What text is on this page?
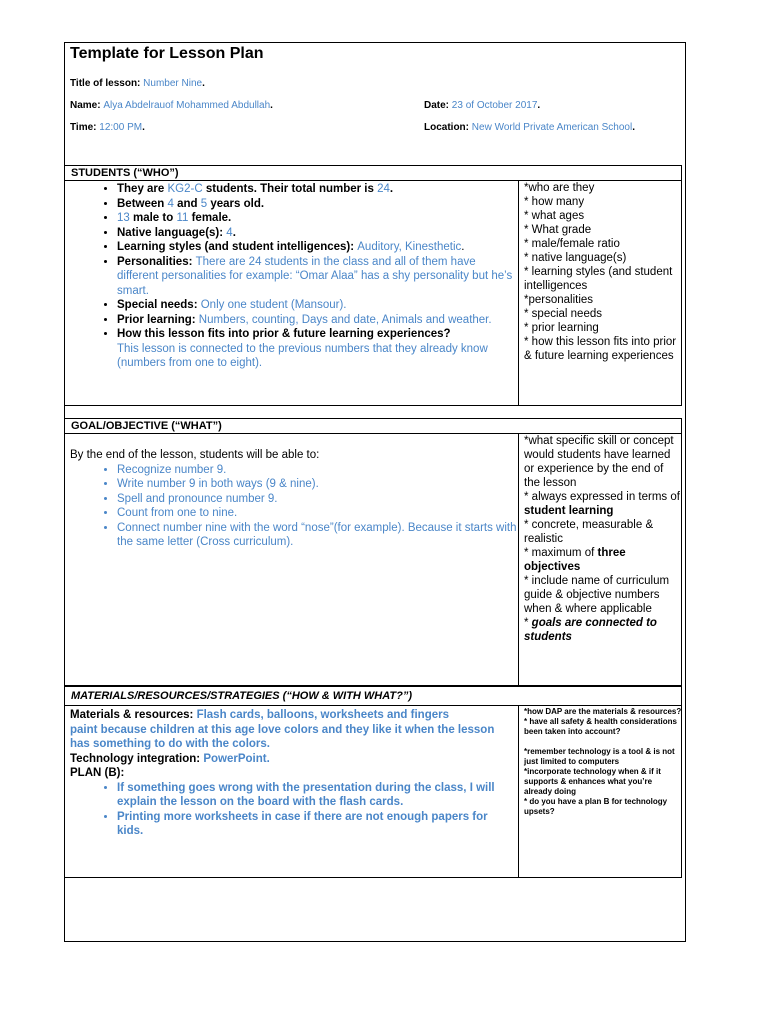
Template for Lesson Plan
Title of lesson: Number Nine.
Name: Alya Abdelrauof Mohammed Abdullah.	Date: 23 of October 2017.
Time: 12:00 PM.	Location: New World Private American School.
STUDENTS (“WHO”)
• They are KG2-C students. Their total number is 24.
• Between 4 and 5 years old.
• 13 male to 11 female.
• Native language(s): 4.
• Learning styles (and student intelligences): Auditory, Kinesthetic.
• Personalities: There are 24 students in the class and all of them have different personalities for example: “Omar Alaa” has a shy personality but he’s smart.
• Special needs: Only one student (Mansour).
• Prior learning: Numbers, counting, Days and date, Animals and weather.
• How this lesson fits into prior & future learning experiences?
This lesson is connected to the previous numbers that they already know (numbers from one to eight).
*who are they
* how many
* what ages
* What grade
* male/female ratio
* native language(s)
* learning styles (and student intelligences
*personalities
* special needs
* prior learning
* how this lesson fits into prior & future learning experiences
GOAL/OBJECTIVE (“WHAT”)
By the end of the lesson, students will be able to:
• Recognize number 9.
• Write number 9 in both ways (9 & nine).
• Spell and pronounce number 9.
• Count from one to nine.
• Connect number nine with the word “nose”(for example). Because it starts with the same letter (Cross curriculum).
*what specific skill or concept would students have learned or experience by the end of the lesson
* always expressed in terms of student learning
* concrete, measurable & realistic
* maximum of three objectives
* include name of curriculum guide & objective numbers when & where applicable
* goals are connected to students
MATERIALS/RESOURCES/STRATEGIES (“HOW & WITH WHAT?”)
Materials & resources: Flash cards, balloons, worksheets and fingers
paint because children at this age love colors and they like it when the lesson has something to do with the colors.
Technology integration: PowerPoint.
PLAN (B):
• If something goes wrong with the presentation during the class, I will explain the lesson on the board with the flash cards.
• Printing more worksheets in case if there are not enough papers for kids.
*how DAP are the materials & resources?
* have all safety & health considerations been taken into account?
*remember technology is a tool & is not just limited to computers
*incorporate technology when & if it supports & enhances what you’re already doing
* do you have a plan B for technology upsets?
